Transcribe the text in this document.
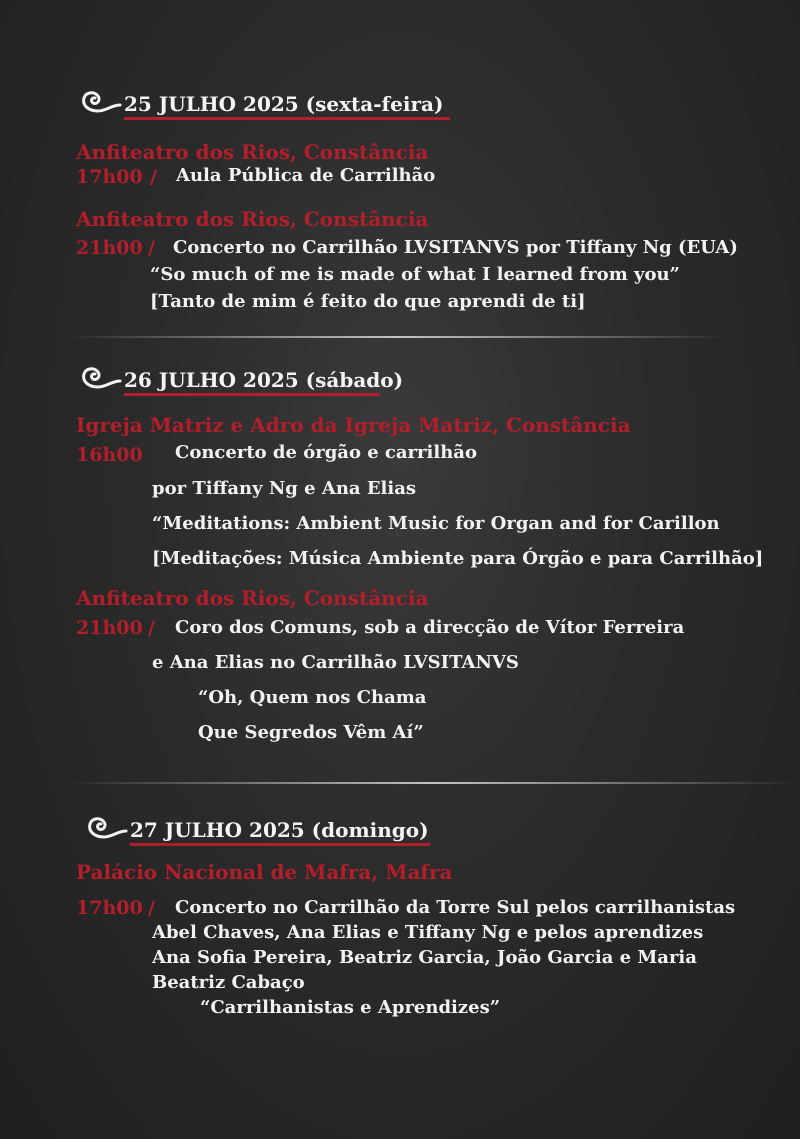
25 JULHO 2025 (sexta-feira)
Anfiteatro dos Rios, Constância
17h00 / Aula Pública de Carrilhão
Anfiteatro dos Rios, Constância
21h00 / Concerto no Carrilhão LVSITANVS por Tiffany Ng (EUA)
“So much of me is made of what I learned from you”
[Tanto de mim é feito do que aprendi de ti]
26 JULHO 2025 (sábado)
Igreja Matriz e Adro da Igreja Matriz, Constância
16h00 Concerto de órgão e carrilhão
por Tiffany Ng e Ana Elias
“Meditations: Ambient Music for Organ and for Carillon
[Meditações: Música Ambiente para Órgão e para Carrilhão]
Anfiteatro dos Rios, Constância
21h00 / Coro dos Comuns, sob a direcção de Vítor Ferreira
e Ana Elias no Carrilhão LVSITANVS
“Oh, Quem nos Chama
Que Segredos Vêm Aí”
27 JULHO 2025 (domingo)
Palácio Nacional de Mafra, Mafra
17h00 / Concerto no Carrilhão da Torre Sul pelos carrilhanistas
Abel Chaves, Ana Elias e Tiffany Ng e pelos aprendizes
Ana Sofia Pereira, Beatriz Garcia, João Garcia e Maria
Beatriz Cabaço
“Carrilhanistas e Aprendizes”
